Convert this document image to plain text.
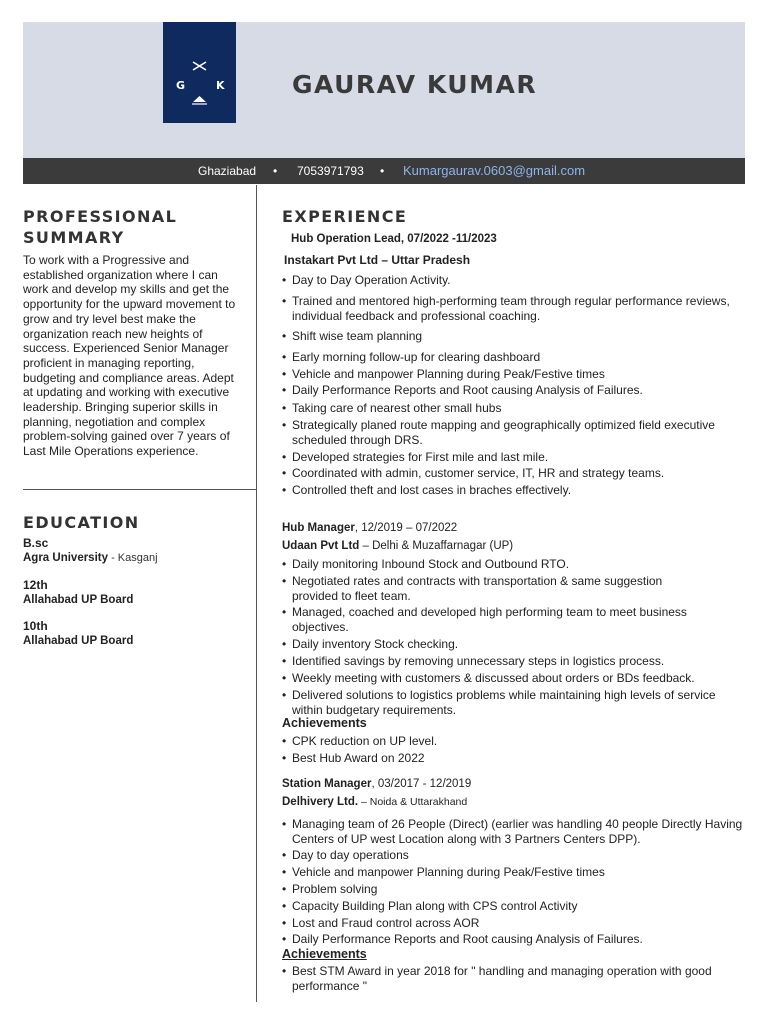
G	K	GAURAV KUMAR
Ghaziabad • 7053971793 • Kumargaurav.0603@gmail.com
PROFESSIONAL
SUMMARY
To work with a Progressive and established organization where I can work and develop my skills and get the opportunity for the upward movement to grow and try level best make the organization reach new heights of success. Experienced Senior Manager proficient in managing reporting, budgeting and compliance areas. Adept at updating and working with executive leadership. Bringing superior skills in planning, negotiation and complex problem-solving gained over 7 years of Last Mile Operations experience.
EDUCATION
B.sc
Agra University - Kasganj
12th
Allahabad UP Board
10th
Allahabad UP Board
EXPERIENCE
Hub Operation Lead, 07/2022 -11/2023
Instakart Pvt Ltd – Uttar Pradesh
• Day to Day Operation Activity.
• Trained and mentored high-performing team through regular performance reviews, individual feedback and professional coaching.
• Shift wise team planning
• Early morning follow-up for clearing dashboard
• Vehicle and manpower Planning during Peak/Festive times
• Daily Performance Reports and Root causing Analysis of Failures.
• Taking care of nearest other small hubs
• Strategically planed route mapping and geographically optimized field executive scheduled through DRS.
• Developed strategies for First mile and last mile.
• Coordinated with admin, customer service, IT, HR and strategy teams.
• Controlled theft and lost cases in braches effectively.
Hub Manager, 12/2019 – 07/2022
Udaan Pvt Ltd – Delhi & Muzaffarnagar (UP)
• Daily monitoring Inbound Stock and Outbound RTO.
• Negotiated rates and contracts with transportation & same suggestion provided to fleet team.
• Managed, coached and developed high performing team to meet business objectives.
• Daily inventory Stock checking.
• Identified savings by removing unnecessary steps in logistics process.
• Weekly meeting with customers & discussed about orders or BDs feedback.
• Delivered solutions to logistics problems while maintaining high levels of service within budgetary requirements.
Achievements
• CPK reduction on UP level.
• Best Hub Award on 2022
Station Manager, 03/2017 - 12/2019
Delhivery Ltd. – Noida & Uttarakhand
• Managing team of 26 People (Direct) (earlier was handling 40 people Directly Having Centers of UP west Location along with 3 Partners Centers DPP).
• Day to day operations
• Vehicle and manpower Planning during Peak/Festive times
• Problem solving
• Capacity Building Plan along with CPS control Activity
• Lost and Fraud control across AOR
• Daily Performance Reports and Root causing Analysis of Failures.
Achievements
• Best STM Award in year 2018 for " handling and managing operation with good performance "
